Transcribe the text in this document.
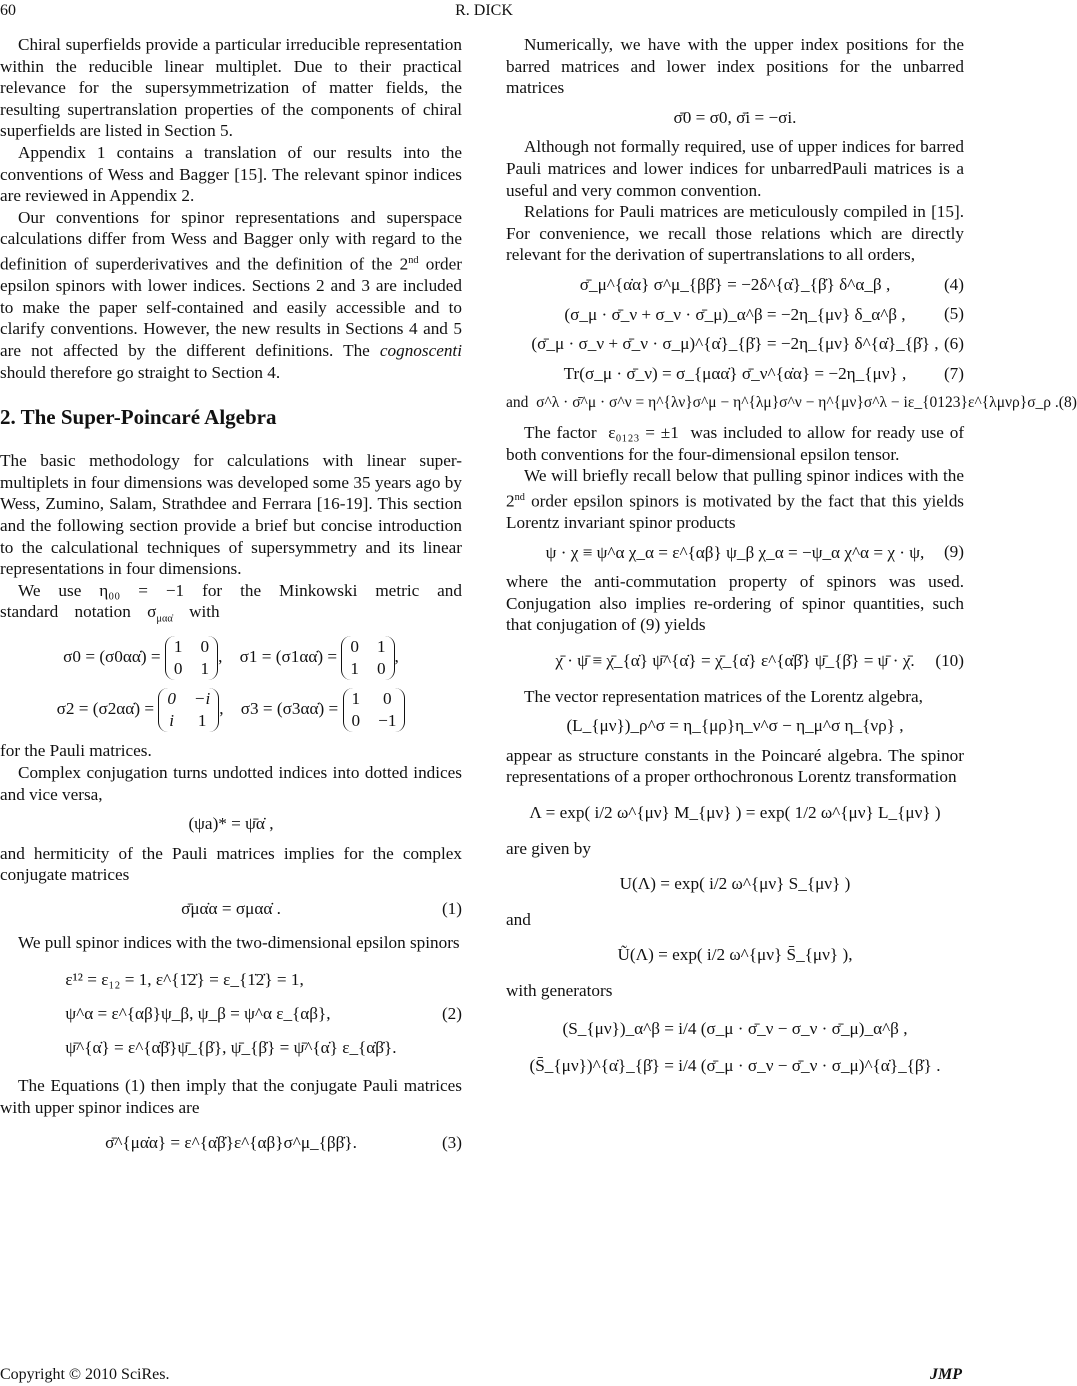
60	R. DICK

Chiral superfields provide a particular irreducible representation within the reducible linear multiplet. Due to their practical relevance for the supersymmetrization of matter fields, the resulting supertranslation properties of the components of chiral superfields are listed in Section 5.

Appendix 1 contains a translation of our results into the conventions of Wess and Bagger [15]. The relevant spinor indices are reviewed in Appendix 2.

Our conventions for spinor representations and superspace calculations differ from Wess and Bagger only with regard to the definition of superderivatives and the definition of the 2nd order epsilon spinors with lower indices. Sections 2 and 3 are included to make the paper self-contained and easily accessible and to clarify conventions. However, the new results in Sections 4 and 5 are not affected by the different definitions. The cognoscenti should therefore go straight to Section 4.

2. The Super-Poincaré Algebra

The basic methodology for calculations with linear super-multiplets in four dimensions was developed some 35 years ago by Wess, Zumino, Salam, Strathdee and Ferrara [16-19]. This section and the following section provide a brief but concise introduction to the calculational techniques of supersymmetry and its linear representations in four dimensions.

We use η₀₀ = −1 for the Minkowski metric and standard notation $\sigma_{\mu\alpha\alphȧ}$ with

σ0 = (σ0αα̇) =
1 0
0 1
, σ1 = (σ1αα̇) =
0 1
1 0
,
σ2 = (σ2αα̇) =
0 −i
i 1
, σ3 = (σ3αα̇) =
1 0
0 −1

for the Pauli matrices.

Complex conjugation turns undotted indices into dotted indices and vice versa,

(ψa)* = ψ̄α̇ ,

and hermiticity of the Pauli matrices implies for the complex conjugate matrices

σ̄μα̇α = σμαα̇ .	(1)

We pull spinor indices with the two-dimensional epsilon spinors

ε¹² = ε₁₂ = 1, ε^{1̇2̇} = ε_{1̇2̇} = 1,
ψ^α = ε^{αβ}ψ_β, ψ_β = ψ^α ε_{αβ},
ψ̄^{α̇} = ε^{α̇β̇}ψ̄_{β̇}, ψ̄_{β̇} = ψ̄^{α̇} ε_{α̇β̇}.
(2)

The Equations (1) then imply that the conjugate Pauli matrices with upper spinor indices are

σ̄^{μα̇α} = ε^{α̇β̇}ε^{αβ}σ^μ_{ββ̇}.	(3)

Numerically, we have with the upper index positions for the barred matrices and lower index positions for the unbarred matrices

σ̄0 = σ0, σ̄i = −σi.

Although not formally required, use of upper indices for barred Pauli matrices and lower indices for unbarredPauli matrices is a useful and very common convention.

Relations for Pauli matrices are meticulously compiled in [15]. For convenience, we recall those relations which are directly relevant for the derivation of supertranslations to all orders,

σ̄_μ^{α̇α} σ^μ_{ββ̇} = −2δ^{α̇}_{β̇} δ^α_β ,	(4)
(σ_μ · σ̄_ν + σ_ν · σ̄_μ)_α^β = −2η_{μν} δ_α^β , (5)
(σ̄_μ · σ_ν + σ̄_ν · σ_μ)^{α̇}_{β̇} = −2η_{μν} δ^{α̇}_{β̇} , (6)
Tr(σ_μ · σ̄_ν) = σ_{μαα̇} σ̄_ν^{α̇α} = −2η_{μν} , (7)
and σ^λ · σ̄^μ · σ^ν = η^{λν}σ^μ − η^{λμ}σ^ν − η^{μν}σ^λ − iε_{0123}ε^{λμνρ}σ_ρ .(8)

The factor ε₀₁₂₃ = ±1 was included to allow for ready use of both conventions for the four-dimensional epsilon tensor.

We will briefly recall below that pulling spinor indices with the 2nd order epsilon spinors is motivated by the fact that this yields Lorentz invariant spinor products

ψ · χ ≡ ψ^α χ_α = ε^{αβ} ψ_β χ_α = −ψ_α χ^α = χ · ψ, (9)

where the anti-commutation property of spinors was used. Conjugation also implies re-ordering of spinor quantities, such that conjugation of (9) yields

χ̄ · ψ̄ ≡ χ̄_{α̇} ψ̄^{α̇} = χ̄_{α̇} ε^{α̇β̇} ψ̄_{β̇} = ψ̄ · χ̄. (10)

The vector representation matrices of the Lorentz algebra,

(L_{μν})_ρ^σ = η_{μρ}η_ν^σ − η_μ^σ η_{νρ} ,

appear as structure constants in the Poincaré algebra. The spinor representations of a proper orthochronous Lorentz transformation

Λ = exp( i/2 ω^{μν} M_{μν} ) = exp( 1/2 ω^{μν} L_{μν} )

are given by

U(Λ) = exp( i/2 ω^{μν} S_{μν} )

and

Ũ(Λ) = exp( i/2 ω^{μν} S̄_{μν} ),

with generators

(S_{μν})_α^β = i/4 (σ_μ · σ̄_ν − σ_ν · σ̄_μ)_α^β ,
(S̄_{μν})^{α̇}_{β̇} = i/4 (σ̄_μ · σ_ν − σ̄_ν · σ_μ)^{α̇}_{β̇} .
Copyright © 2010 SciRes.	JMP
